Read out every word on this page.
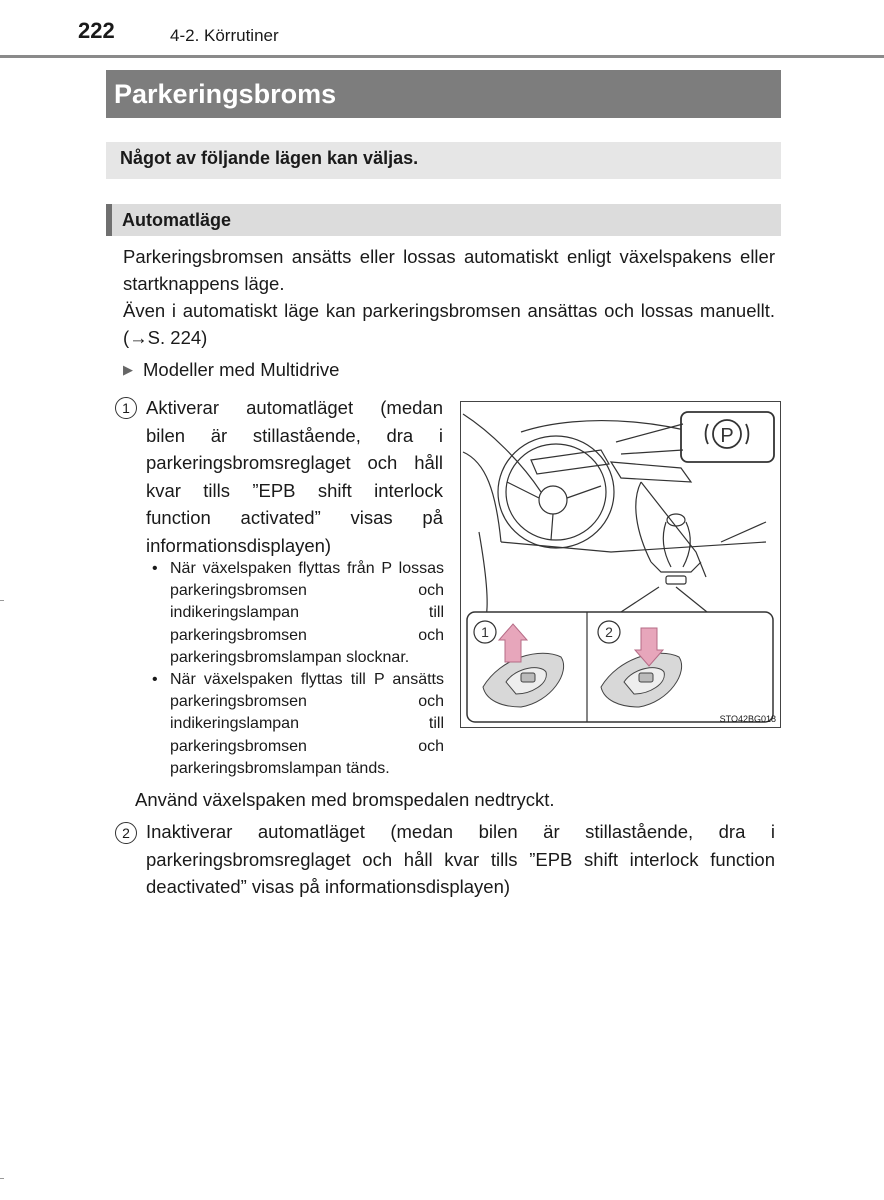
222	4-2. Körrutiner
Parkeringsbroms
Något av följande lägen kan väljas.
Automatläge
Parkeringsbromsen ansätts eller lossas automatiskt enligt växelspakens eller startknappens läge.
Även i automatiskt läge kan parkeringsbromsen ansättas och lossas manuellt. (→S. 224)
▶ Modeller med Multidrive
1 Aktiverar automatläget (medan bilen är stillastående, dra i parkeringsbromsreglaget och håll kvar tills ”EPB shift interlock function activated” visas på informationsdisplayen)
• När växelspaken flyttas från P lossas parkeringsbromsen och indikeringslampan till parkeringsbromsen och parkeringsbromslampan slocknar.
• När växelspaken flyttas till P ansätts parkeringsbromsen och indikeringslampan till parkeringsbromsen och parkeringsbromslampan tänds.
Använd växelspaken med bromspedalen nedtryckt.
2 Inaktiverar automatläget (medan bilen är stillastående, dra i parkeringsbromsreglaget och håll kvar tills ”EPB shift interlock function deactivated” visas på informationsdisplayen)
P
1	2
STO42BG018
